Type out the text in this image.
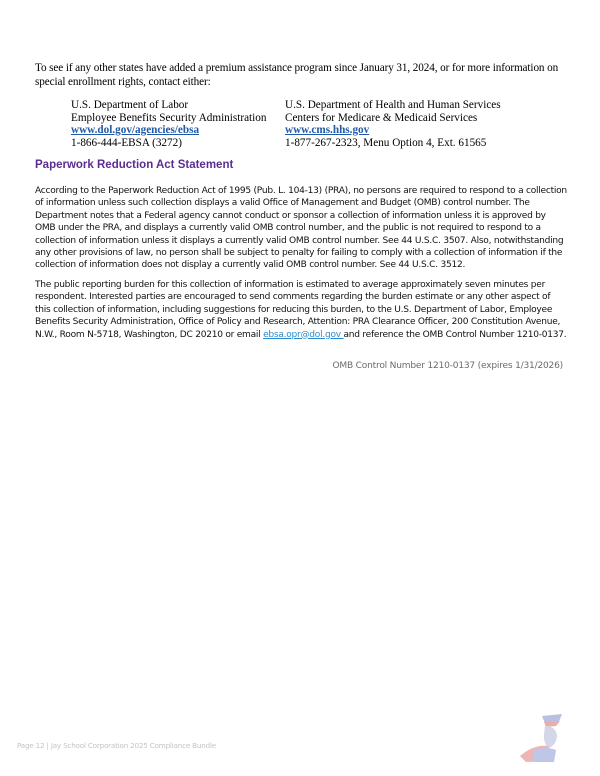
To see if any other states have added a premium assistance program since January 31, 2024, or for more information on special enrollment rights, contact either:
U.S. Department of Labor
Employee Benefits Security Administration
www.dol.gov/agencies/ebsa
1-866-444-EBSA (3272)
U.S. Department of Health and Human Services
Centers for Medicare & Medicaid Services
www.cms.hhs.gov
1-877-267-2323, Menu Option 4, Ext. 61565
Paperwork Reduction Act Statement
According to the Paperwork Reduction Act of 1995 (Pub. L. 104-13) (PRA), no persons are required to respond to a collection of information unless such collection displays a valid Office of Management and Budget (OMB) control number. The Department notes that a Federal agency cannot conduct or sponsor a collection of information unless it is approved by OMB under the PRA, and displays a currently valid OMB control number, and the public is not required to respond to a collection of information unless it displays a currently valid OMB control number. See 44 U.S.C. 3507. Also, notwithstanding any other provisions of law, no person shall be subject to penalty for failing to comply with a collection of information if the collection of information does not display a currently valid OMB control number. See 44 U.S.C. 3512.
The public reporting burden for this collection of information is estimated to average approximately seven minutes per respondent. Interested parties are encouraged to send comments regarding the burden estimate or any other aspect of this collection of information, including suggestions for reducing this burden, to the U.S. Department of Labor, Employee Benefits Security Administration, Office of Policy and Research, Attention: PRA Clearance Officer, 200 Constitution Avenue, N.W., Room N-5718, Washington, DC 20210 or email ebsa.opr@dol.gov and reference the OMB Control Number 1210-0137.
OMB Control Number 1210-0137 (expires 1/31/2026)
Page 12 | Jay School Corporation 2025 Compliance Bundle
